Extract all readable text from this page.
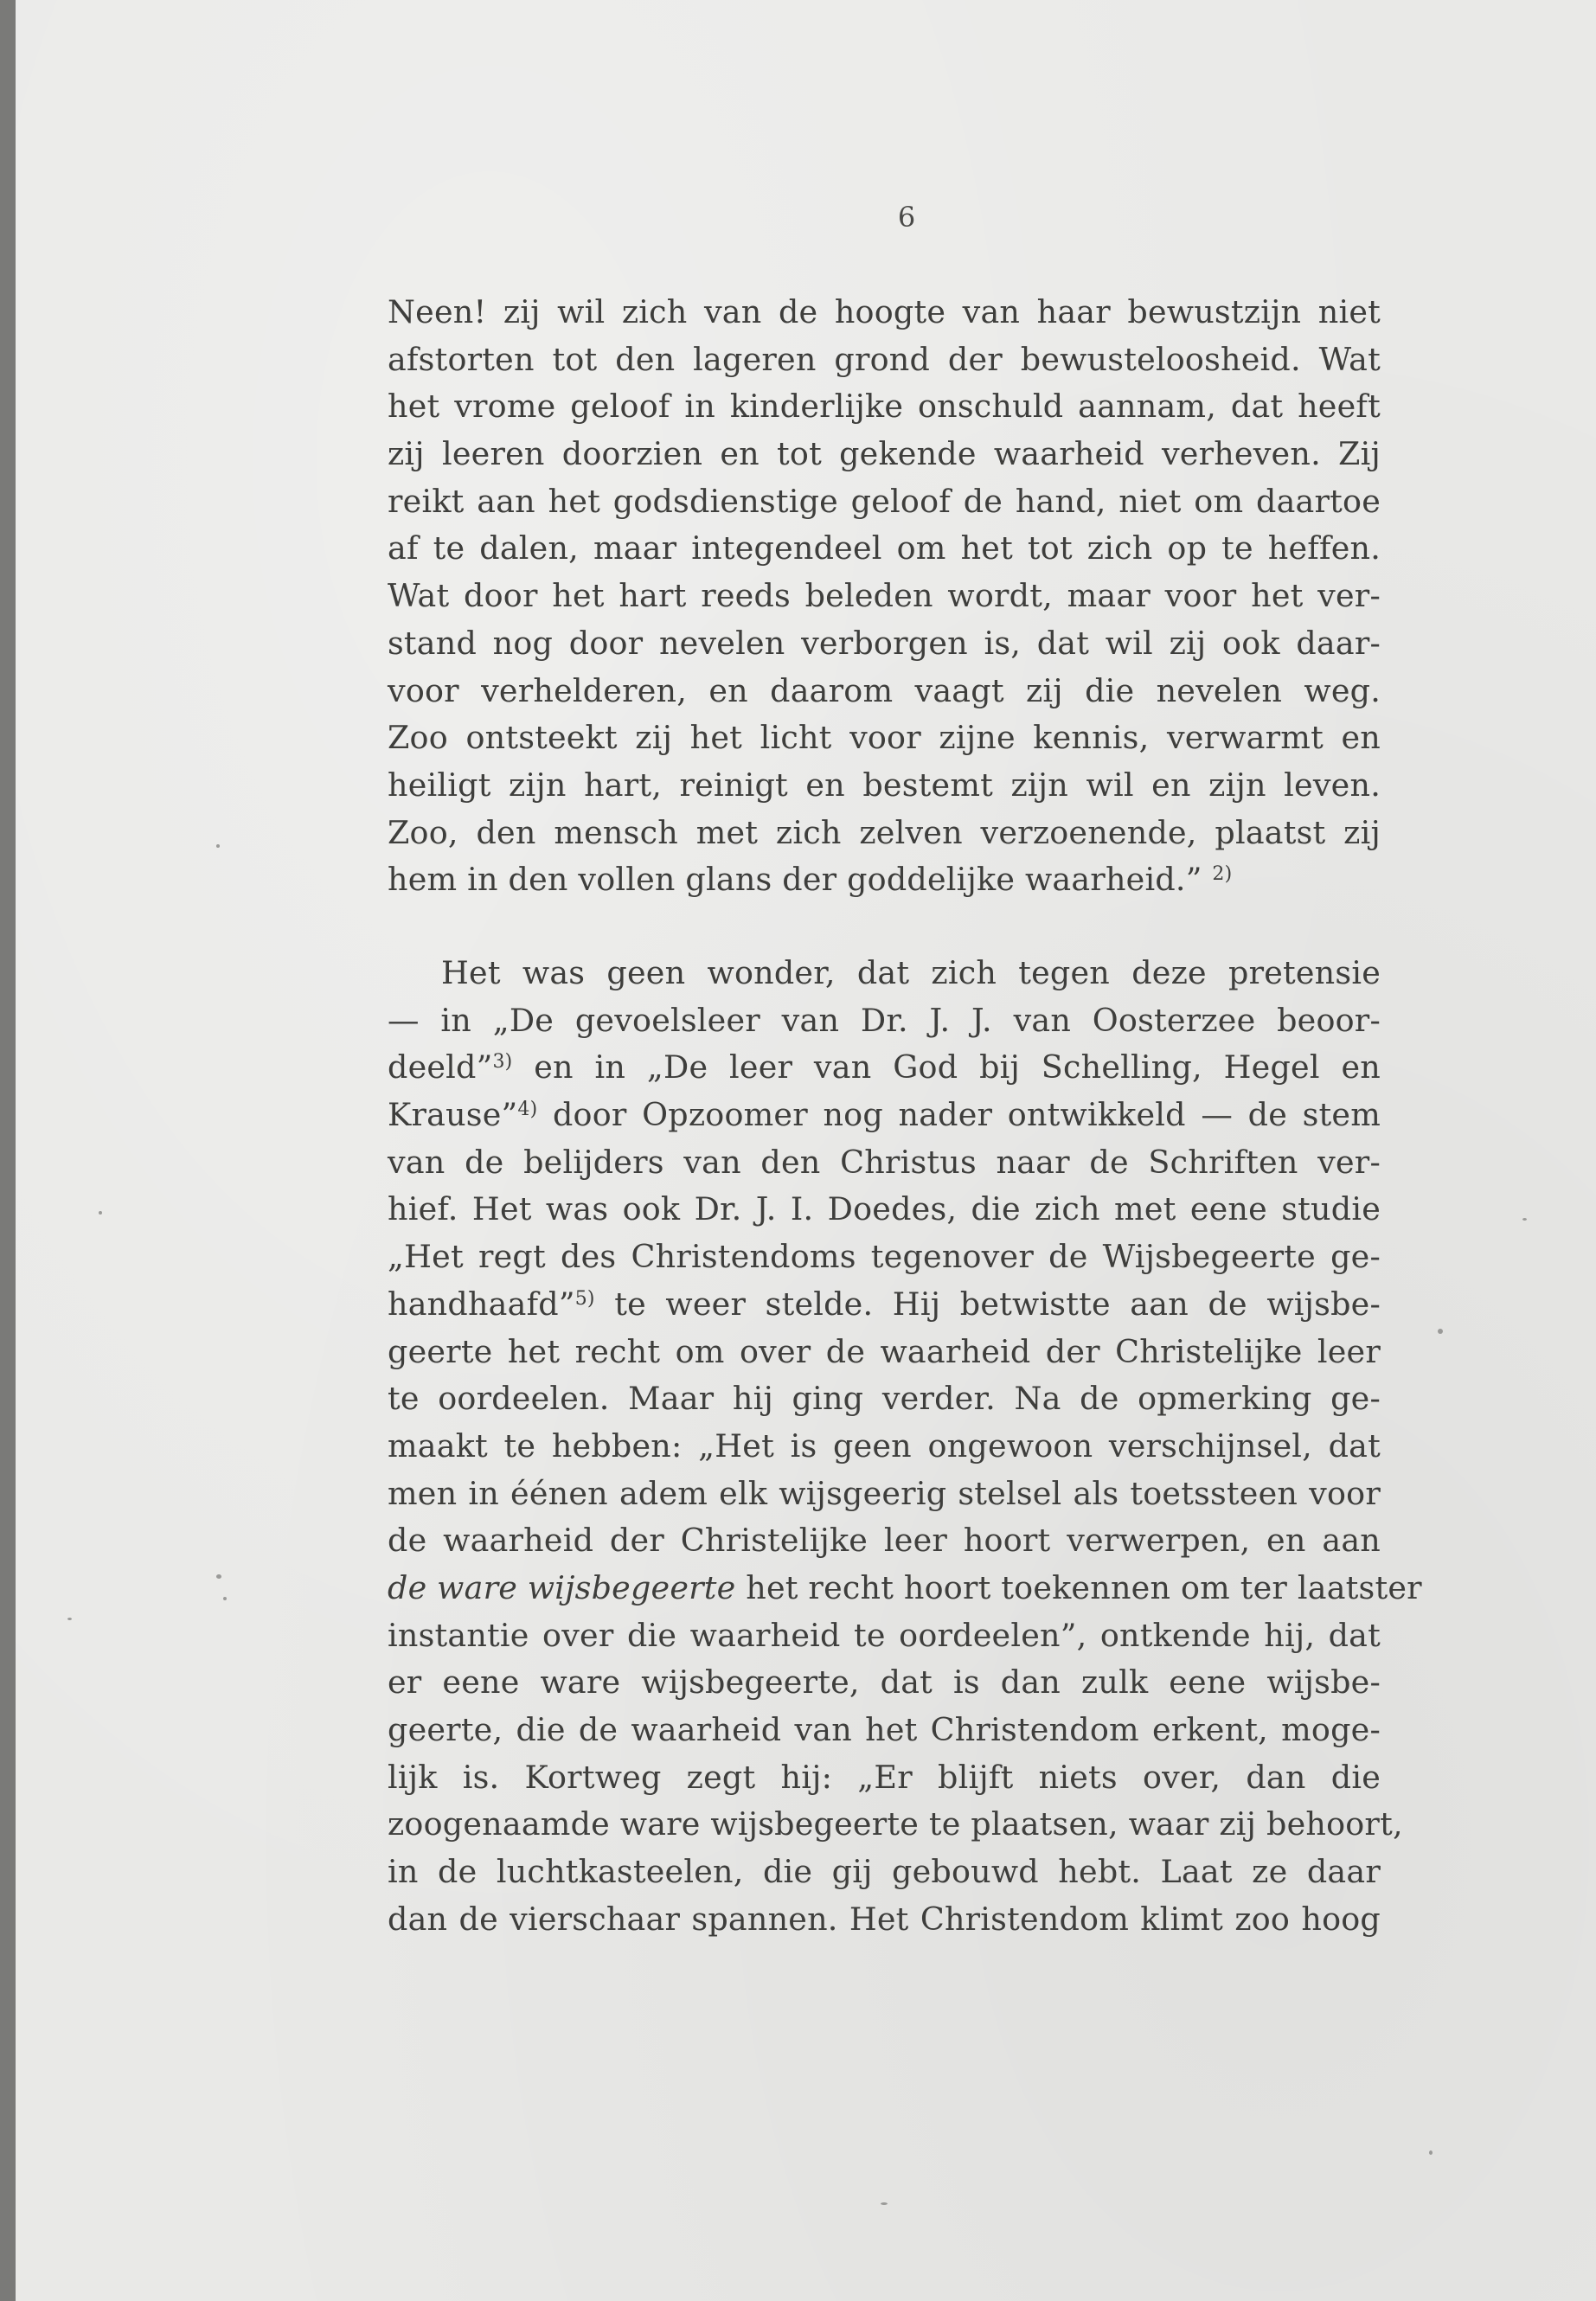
6
Neen! zij wil zich van de hoogte van haar bewustzijn niet
afstorten tot den lageren grond der bewusteloosheid. Wat
het vrome geloof in kinderlijke onschuld aannam, dat heeft
zij leeren doorzien en tot gekende waarheid verheven. Zij
reikt aan het godsdienstige geloof de hand, niet om daartoe
af te dalen, maar integendeel om het tot zich op te heffen.
Wat door het hart reeds beleden wordt, maar voor het ver-
stand nog door nevelen verborgen is, dat wil zij ook daar-
voor verhelderen, en daarom vaagt zij die nevelen weg.
Zoo ontsteekt zij het licht voor zijne kennis, verwarmt en
heiligt zijn hart, reinigt en bestemt zijn wil en zijn leven.
Zoo, den mensch met zich zelven verzoenende, plaatst zij
hem in den vollen glans der goddelijke waarheid.” $^{2)}$
Het was geen wonder, dat zich tegen deze pretensie
— in „De gevoelsleer van Dr. J. J. van Oosterzee beoor-
deeld”$^{3)}$ en in „De leer van God bij Schelling, Hegel en
Krause”$^{4)}$ door Opzoomer nog nader ontwikkeld — de stem
van de belijders van den Christus naar de Schriften ver-
hief. Het was ook Dr. J. I. Doedes, die zich met eene studie
„Het regt des Christendoms tegenover de Wijsbegeerte ge-
handhaafd”$^{5)}$ te weer stelde. Hij betwistte aan de wijsbe-
geerte het recht om over de waarheid der Christelijke leer
te oordeelen. Maar hij ging verder. Na de opmerking ge-
maakt te hebben: „Het is geen ongewoon verschijnsel, dat
men in éénen adem elk wijsgeerig stelsel als toetssteen voor
de waarheid der Christelijke leer hoort verwerpen, en aan
de ware wijsbegeerte het recht hoort toekennen om ter laatster
instantie over die waarheid te oordeelen”, ontkende hij, dat
er eene ware wijsbegeerte, dat is dan zulk eene wijsbe-
geerte, die de waarheid van het Christendom erkent, moge-
lijk is. Kortweg zegt hij: „Er blijft niets over, dan die
zoogenaamde ware wijsbegeerte te plaatsen, waar zij behoort,
in de luchtkasteelen, die gij gebouwd hebt. Laat ze daar
dan de vierschaar spannen. Het Christendom klimt zoo hoog
